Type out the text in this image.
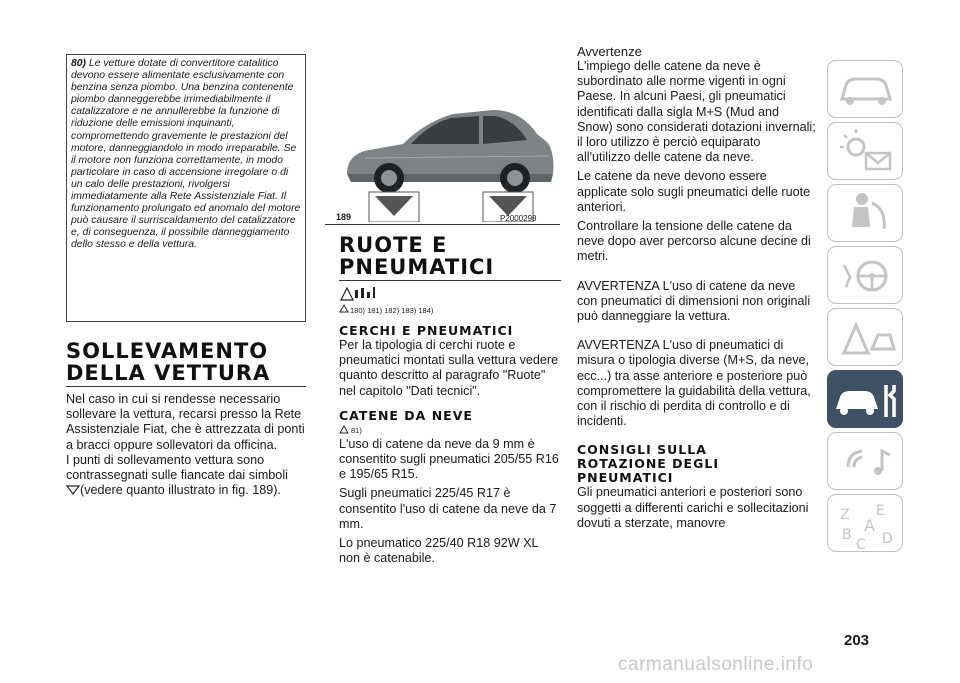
80) Le vetture dotate di convertitore catalitico devono essere alimentate esclusivamente con benzina senza piombo. Una benzina contenente piombo danneggerebbe irrimediabilmente il catalizzatore e ne annullerebbe la funzione di riduzione delle emissioni inquinanti, compromettendo gravemente le prestazioni del motore, danneggiandolo in modo irreparabile. Se il motore non funziona correttamente, in modo particolare in caso di accensione irregolare o di un calo delle prestazioni, rivolgersi immediatamente alla Rete Assistenziale Fiat. Il funzionamento prolungato ed anomalo del motore può causare il surriscaldamento del catalizzatore e, di conseguenza, il possibile danneggiamento dello stesso e della vettura.

SOLLEVAMENTO

DELLA VETTURA

Nel caso in cui si rendesse necessario sollevare la vettura, recarsi presso la Rete Assistenziale Fiat, che è attrezzata di ponti a bracci oppure sollevatori da officina.

I punti di sollevamento vettura sono contrassegnati sulle fiancate dai simboli
(vedere quanto illustrato in fig. 189).

189	P2000298

RUOTE E

PNEUMATICI

180) 181) 182) 183) 184)

CERCHI E PNEUMATICI

Per la tipologia di cerchi ruote e pneumatici montati sulla vettura vedere quanto descritto al paragrafo "Ruote" nel capitolo "Dati tecnici".

CATENE DA NEVE

81)

L'uso di catene da neve da 9 mm è consentito sugli pneumatici 205/55 R16 e 195/65 R15.

Sugli pneumatici 225/45 R17 è consentito l'uso di catene da neve da 7 mm.

Lo pneumatico 225/40 R18 92W XL non è catenabile.

Avvertenze

L'impiego delle catene da neve è subordinato alle norme vigenti in ogni Paese. In alcuni Paesi, gli pneumatici identificati dalla sigla M+S (Mud and Snow) sono considerati dotazioni invernali; il loro utilizzo è perciò equiparato all'utilizzo delle catene da neve.

Le catene da neve devono essere applicate solo sugli pneumatici delle ruote anteriori.

Controllare la tensione delle catene da neve dopo aver percorso alcune decine di metri.

AVVERTENZA L'uso di catene da neve con pneumatici di dimensioni non originali può danneggiare la vettura.

AVVERTENZA L'uso di pneumatici di misura o tipologia diverse (M+S, da neve, ecc...) tra asse anteriore e posteriore può compromettere la guidabilità della vettura, con il rischio di perdita di controllo e di incidenti.

CONSIGLI SULLA

ROTAZIONE DEGLI

PNEUMATICI

Gli pneumatici anteriori e posteriori sono soggetti a differenti carichi e sollecitazioni dovuti a sterzate, manovre	Z E
B A
C D
203
carmanualsonline.info
